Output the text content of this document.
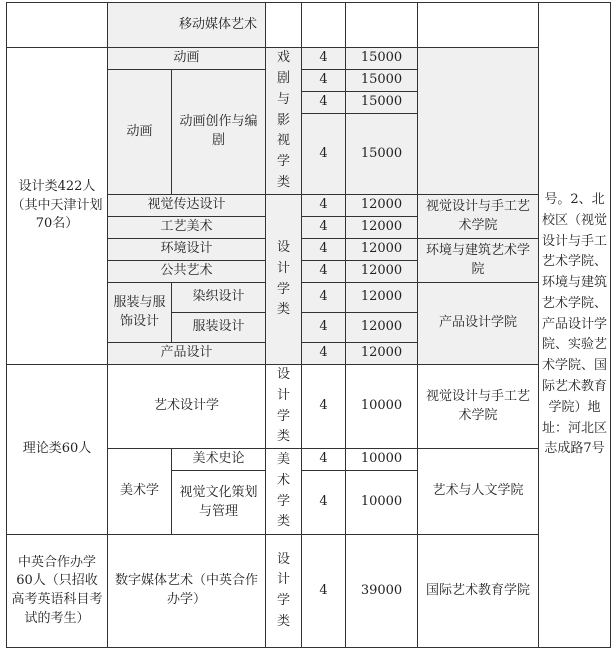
	移动媒体艺术						号。2、北校区（视觉设计与手工艺术学院、环境与建筑艺术学院、产品设计学院、实验艺术学院、国际艺术教育学院）地址：河北区志成路7号
设计类422人（其中天津计划70名）	动画		戏剧与影视学类	4	15000		
	动画	动画创作与编剧		4	15000		
				4	15000		
				4	15000		
	视觉传达设计		设计学类	4	12000	视觉设计与手工艺术学院	
	工艺美术			4	12000		
	环境设计			4	12000	环境与建筑艺术学院	
	公共艺术			4	12000		
	服装与服饰设计	染织设计		4	12000	产品设计学院	
		服装设计		4	12000		
	产品设计			4	12000		
理论类60人	艺术设计学		设计学类	4	10000	视觉设计与手工艺术学院	
	美术学	美术史论	美术学类	4	10000	艺术与人文学院	
		视觉文化策划与管理		4	10000		
中英合作办学 60人（只招收高考英语科目考试的考生）	数字媒体艺术（中英合作办学）		设计学类	4	39000	国际艺术教育学院	
